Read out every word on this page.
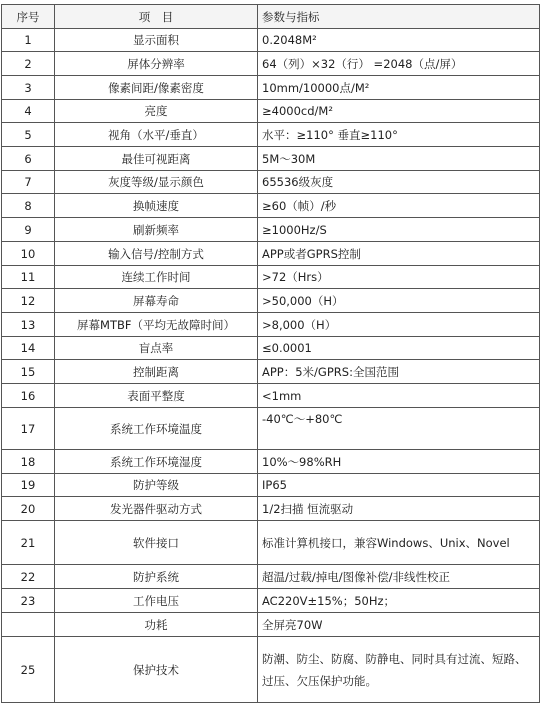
序号	项　目	参数与指标
1	显示面积	0.2048M²
2	屏体分辨率	64（列）×32（行） =2048（点/屏）
3	像素间距/像素密度	10mm/10000点/M²
4	亮度	≥4000cd/M²
5	视角（水平/垂直）	水平：≥110° 垂直≥110°
6	最佳可视距离	5M～30M
7	灰度等级/显示颜色	65536级灰度
8	换帧速度	≥60（帧）/秒
9	刷新频率	≥1000Hz/S
10	输入信号/控制方式	APP或者GPRS控制
11	连续工作时间	>72（Hrs）
12	屏幕寿命	>50,000（H）
13	屏幕MTBF（平均无故障时间）	>8,000（H）
14	盲点率	≤0.0001
15	控制距离	APP：5米/GPRS:全国范围
16	表面平整度	<1mm
17	系统工作环境温度	-40℃～+80℃
18	系统工作环境湿度	10%～98%RH
19	防护等级	IP65
20	发光器件驱动方式	1/2扫描 恒流驱动
21	软件接口	标准计算机接口，兼容Windows、Unix、Novel
22	防护系统	超温/过载/掉电/图像补偿/非线性校正
23	工作电压	AC220V±15%；50Hz；
	功耗	全屏亮70W
25	保护技术	防潮、防尘、防腐、防静电、同时具有过流、短路、过压、欠压保护功能。
